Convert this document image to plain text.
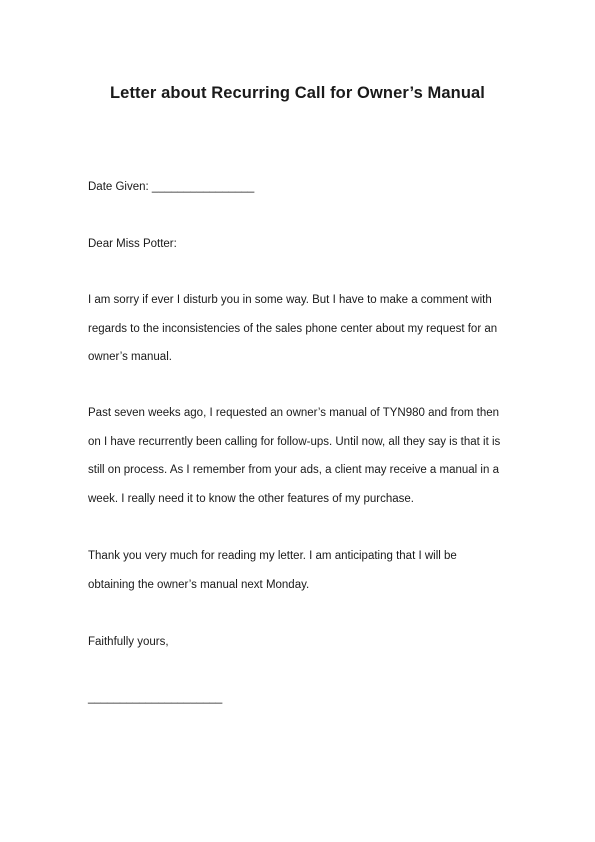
Letter about Recurring Call for Owner’s Manual
Date Given: ________________
Dear Miss Potter:
I am sorry if ever I disturb you in some way. But I have to make a comment with
regards to the inconsistencies of the sales phone center about my request for an
owner’s manual.
Past seven weeks ago, I requested an owner’s manual of TYN980 and from then
on I have recurrently been calling for follow-ups. Until now, all they say is that it is
still on process. As I remember from your ads, a client may receive a manual in a
week. I really need it to know the other features of my purchase.
Thank you very much for reading my letter. I am anticipating that I will be
obtaining the owner’s manual next Monday.
Faithfully yours,
_____________________
